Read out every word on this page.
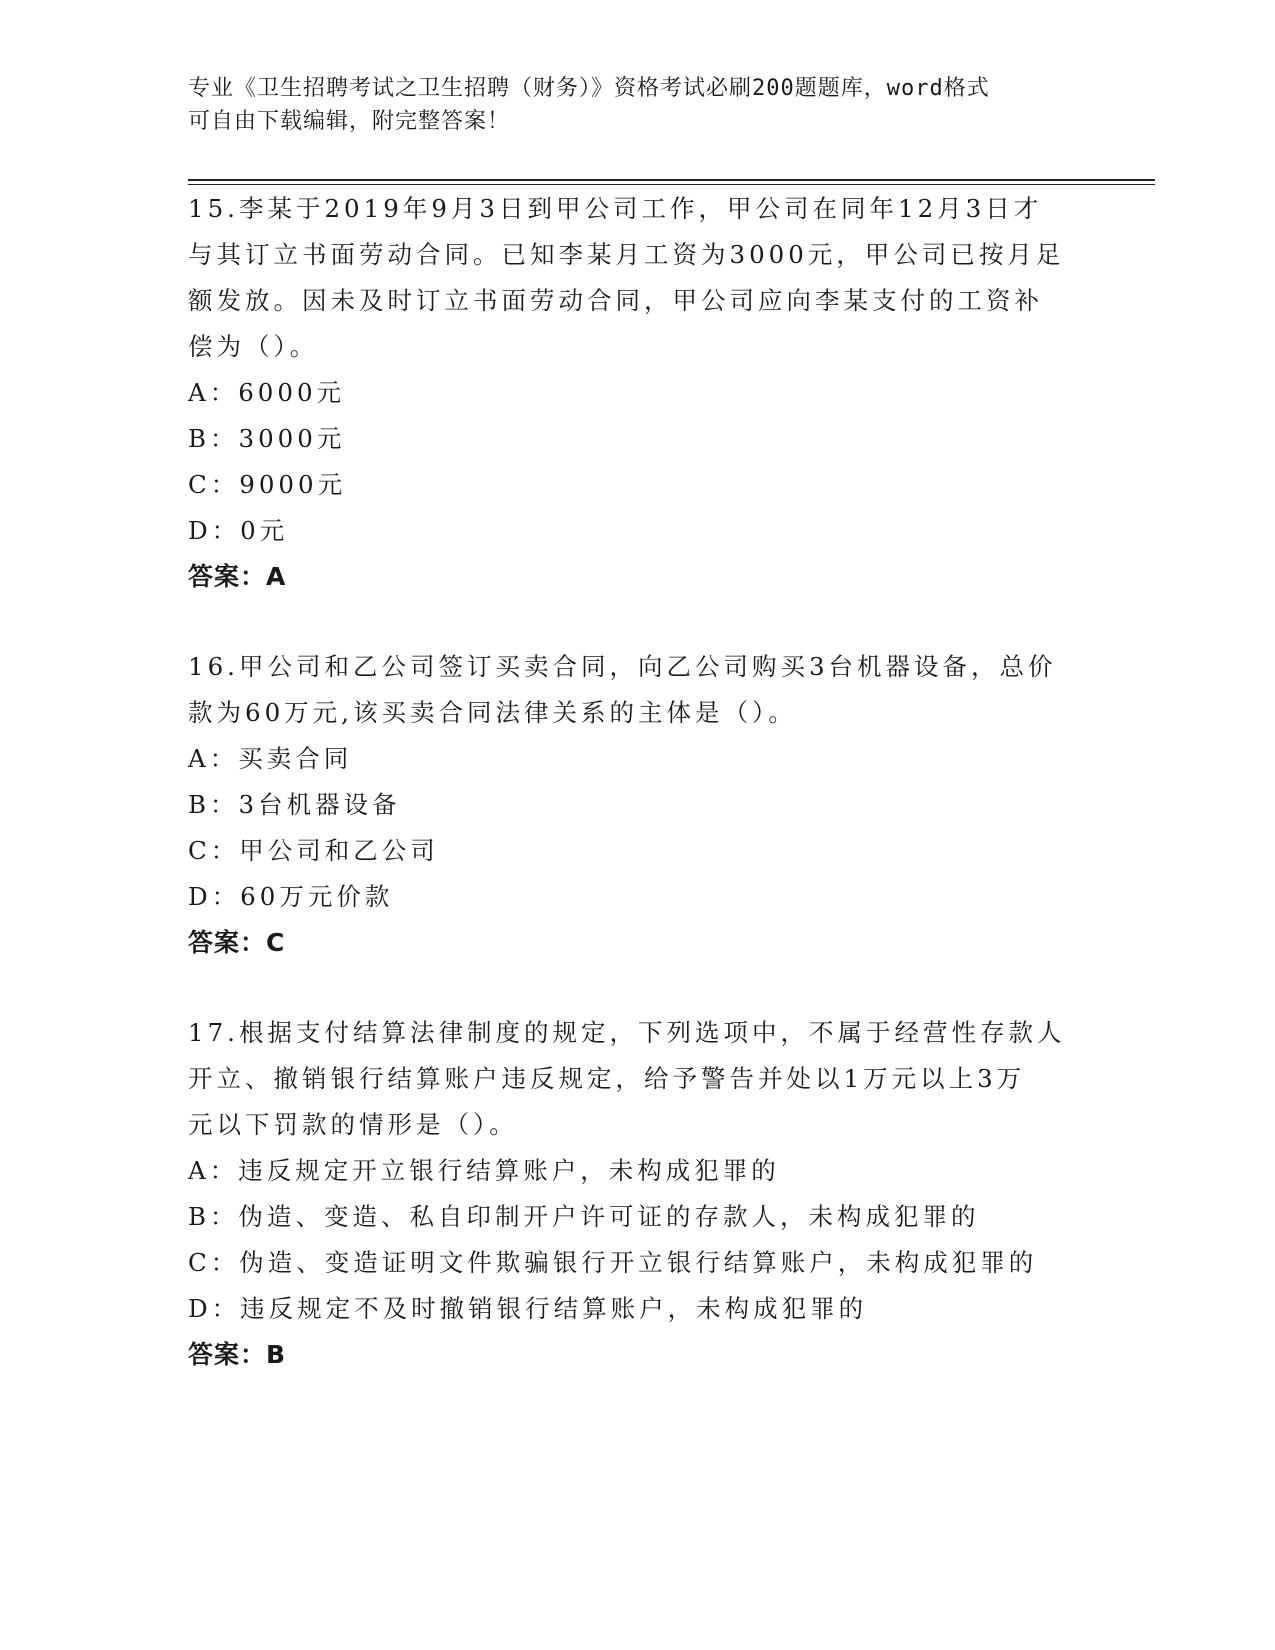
专业《卫生招聘考试之卫生招聘（财务）》资格考试必刷200题题库，word格式
可自由下载编辑，附完整答案！
15.李某于2019年9月3日到甲公司工作，甲公司在同年12月3日才
与其订立书面劳动合同。已知李某月工资为3000元，甲公司已按月足
额发放。因未及时订立书面劳动合同，甲公司应向李某支付的工资补
偿为（）。
A：6000元
B：3000元
C：9000元
D：0元
答案：A
16.甲公司和乙公司签订买卖合同，向乙公司购买3台机器设备，总价
款为60万元,该买卖合同法律关系的主体是（）。
A：买卖合同
B：3台机器设备
C：甲公司和乙公司
D：60万元价款
答案：C
17.根据支付结算法律制度的规定，下列选项中，不属于经营性存款人
开立、撤销银行结算账户违反规定，给予警告并处以1万元以上3万
元以下罚款的情形是（）。
A：违反规定开立银行结算账户，未构成犯罪的
B：伪造、变造、私自印制开户许可证的存款人，未构成犯罪的
C：伪造、变造证明文件欺骗银行开立银行结算账户，未构成犯罪的
D：违反规定不及时撤销银行结算账户，未构成犯罪的
答案：B
